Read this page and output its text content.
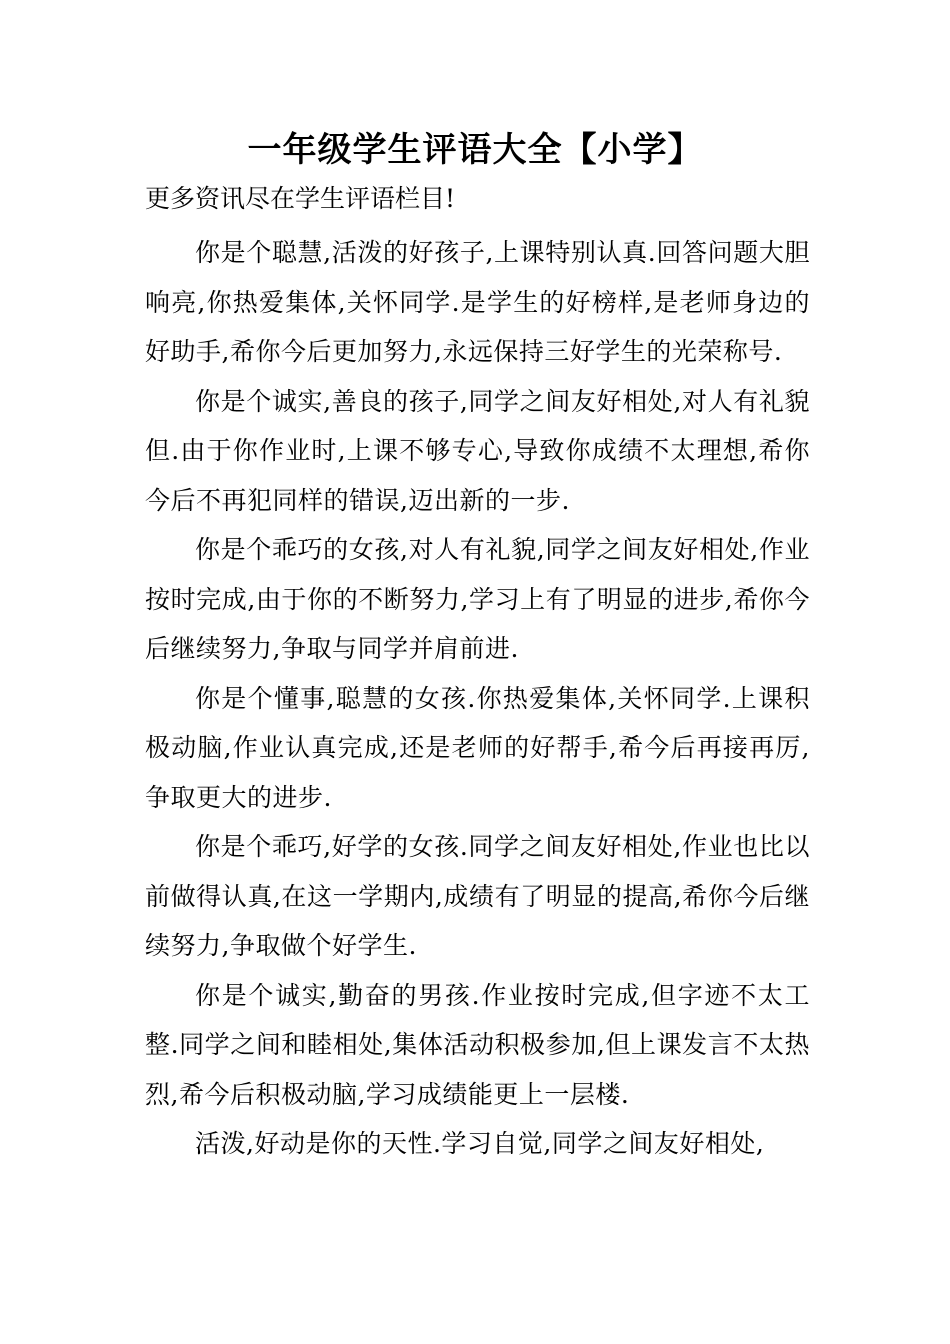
一年级学生评语大全【小学】

更多资讯尽在学生评语栏目!

你是个聪慧,活泼的好孩子,上课特别认真.回答问题大胆响亮,你热爱集体,关怀同学.是学生的好榜样,是老师身边的好助手,希你今后更加努力,永远保持三好学生的光荣称号.

你是个诚实,善良的孩子,同学之间友好相处,对人有礼貌但.由于你作业时,上课不够专心,导致你成绩不太理想,希你今后不再犯同样的错误,迈出新的一步.

你是个乖巧的女孩,对人有礼貌,同学之间友好相处,作业按时完成,由于你的不断努力,学习上有了明显的进步,希你今后继续努力,争取与同学并肩前进.

你是个懂事,聪慧的女孩.你热爱集体,关怀同学.上课积极动脑,作业认真完成,还是老师的好帮手,希今后再接再厉,争取更大的进步.

你是个乖巧,好学的女孩.同学之间友好相处,作业也比以前做得认真,在这一学期内,成绩有了明显的提高,希你今后继续努力,争取做个好学生.

你是个诚实,勤奋的男孩.作业按时完成,但字迹不太工整.同学之间和睦相处,集体活动积极参加,但上课发言不太热烈,希今后积极动脑,学习成绩能更上一层楼.

活泼,好动是你的天性.学习自觉,同学之间友好相处,
